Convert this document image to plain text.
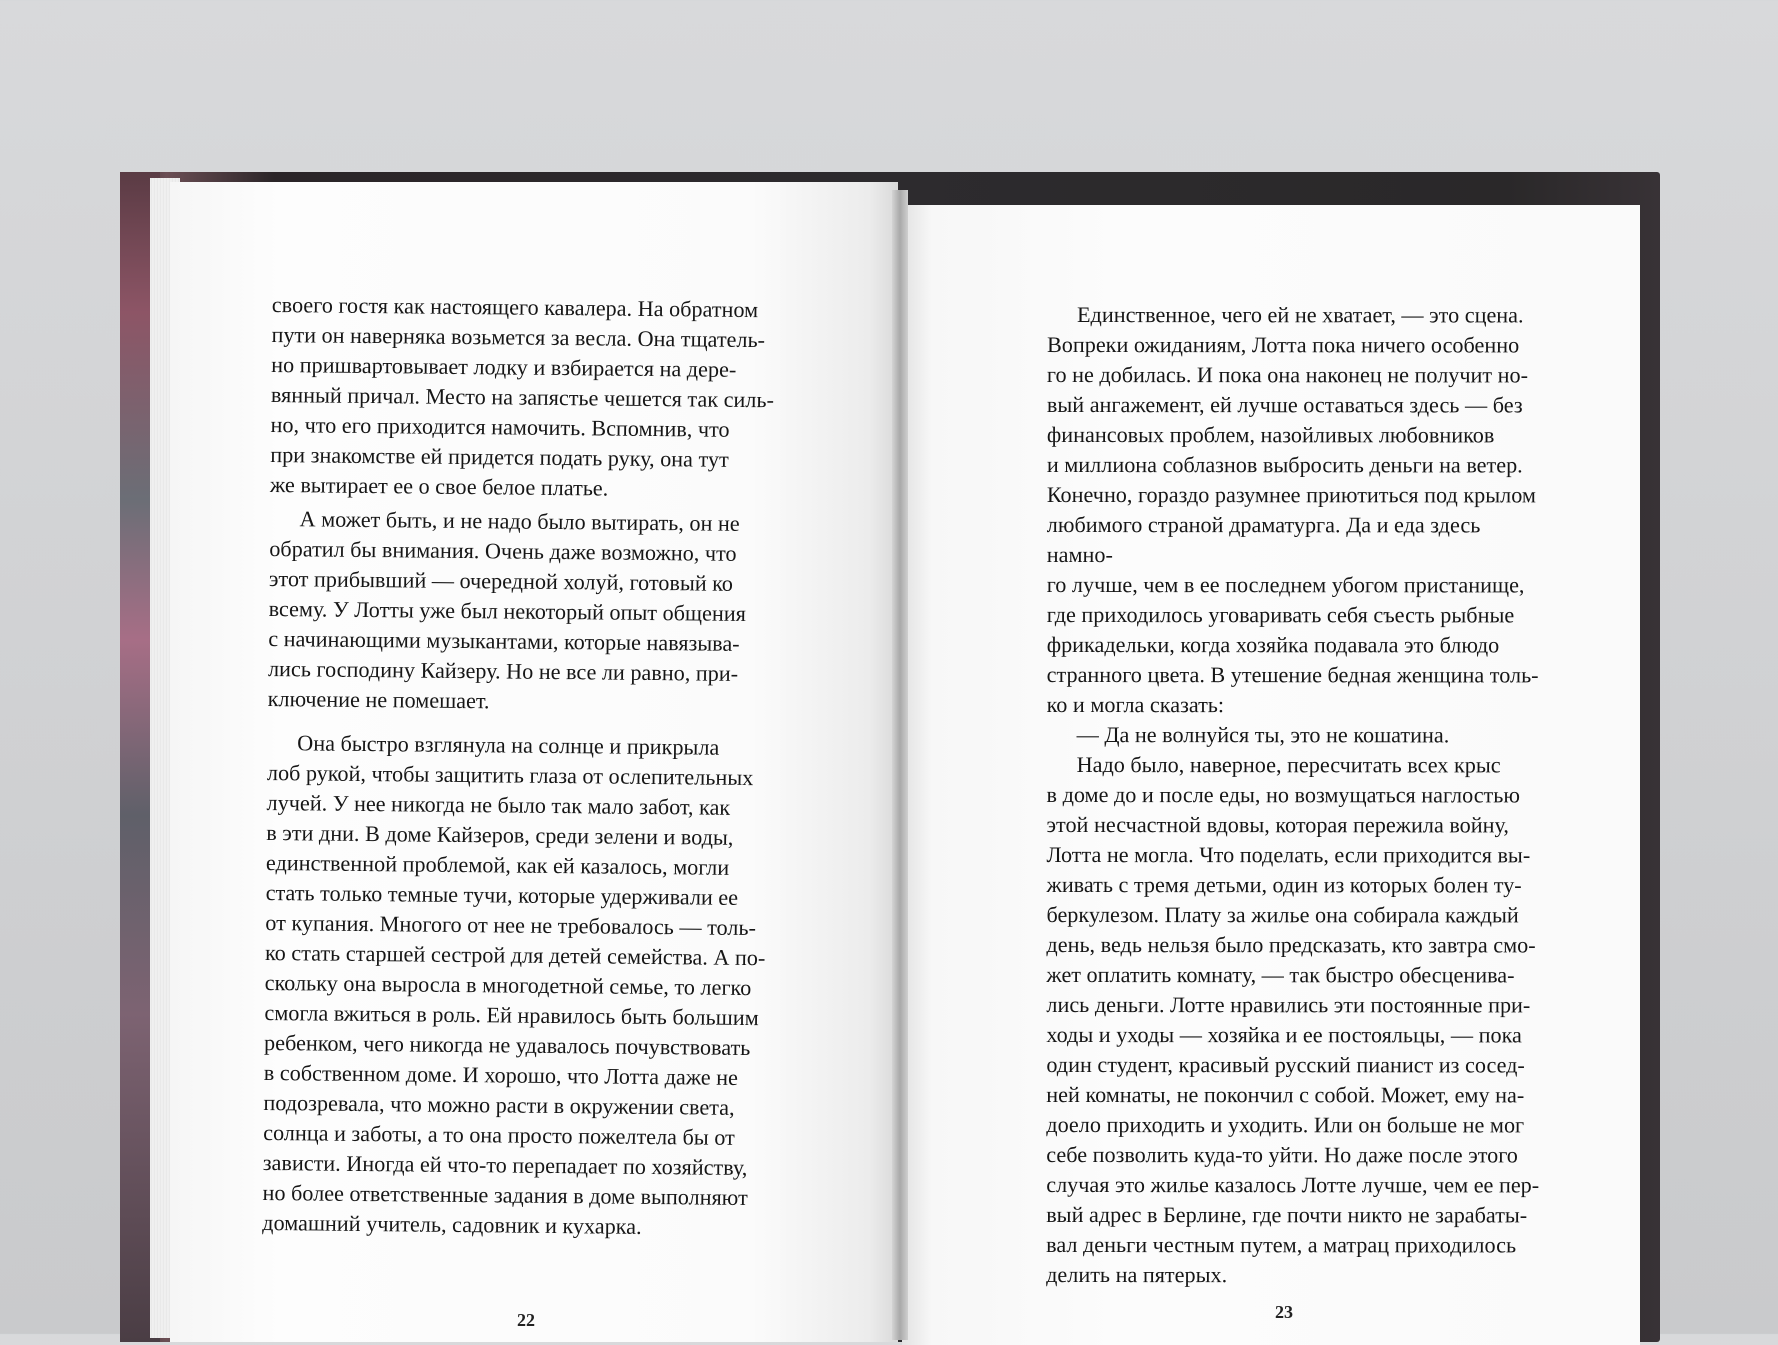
своего гостя как настоящего кавалера. На обратном
пути он наверняка возьмется за весла. Она тщатель-
но пришвартовывает лодку и взбирается на дере-
вянный причал. Место на запястье чешется так силь-
но, что его приходится намочить. Вспомнив, что
при знакомстве ей придется подать руку, она тут
же вытирает ее о свое белое платье.
А может быть, и не надо было вытирать, он не
обратил бы внимания. Очень даже возможно, что
этот прибывший — очередной холуй, готовый ко
всему. У Лотты уже был некоторый опыт общения
с начинающими музыкантами, которые навязыва-
лись господину Кайзеру. Но не все ли равно, при-
ключение не помешает.
Она быстро взглянула на солнце и прикрыла
лоб рукой, чтобы защитить глаза от ослепительных
лучей. У нее никогда не было так мало забот, как
в эти дни. В доме Кайзеров, среди зелени и воды,
единственной проблемой, как ей казалось, могли
стать только темные тучи, которые удерживали ее
от купания. Многого от нее не требовалось — толь-
ко стать старшей сестрой для детей семейства. А по-
скольку она выросла в многодетной семье, то легко
смогла вжиться в роль. Ей нравилось быть большим
ребенком, чего никогда не удавалось почувствовать
в собственном доме. И хорошо, что Лотта даже не
подозревала, что можно расти в окружении света,
солнца и заботы, а то она просто пожелтела бы от
зависти. Иногда ей что-то перепадает по хозяйству,
но более ответственные задания в доме выполняют
домашний учитель, садовник и кухарка.
Единственное, чего ей не хватает, — это сцена.
Вопреки ожиданиям, Лотта пока ничего особенно
го не добилась. И пока она наконец не получит но-
вый ангажемент, ей лучше оставаться здесь — без
финансовых проблем, назойливых любовников
и миллиона соблазнов выбросить деньги на ветер.
Конечно, гораздо разумнее приютиться под крылом
любимого страной драматурга. Да и еда здесь намно-
го лучше, чем в ее последнем убогом пристанище,
где приходилось уговаривать себя съесть рыбные
фрикадельки, когда хозяйка подавала это блюдо
странного цвета. В утешение бедная женщина толь-
ко и могла сказать:
— Да не волнуйся ты, это не кошатина.
Надо было, наверное, пересчитать всех крыс
в доме до и после еды, но возмущаться наглостью
этой несчастной вдовы, которая пережила войну,
Лотта не могла. Что поделать, если приходится вы-
живать с тремя детьми, один из которых болен ту-
беркулезом. Плату за жилье она собирала каждый
день, ведь нельзя было предсказать, кто завтра смо-
жет оплатить комнату, — так быстро обесценива-
лись деньги. Лотте нравились эти постоянные при-
ходы и уходы — хозяйка и ее постояльцы, — пока
один студент, красивый русский пианист из сосед-
ней комнаты, не покончил с собой. Может, ему на-
доело приходить и уходить. Или он больше не мог
себе позволить куда-то уйти. Но даже после этого
случая это жилье казалось Лотте лучше, чем ее пер-
вый адрес в Берлине, где почти никто не зарабаты-
вал деньги честным путем, а матрац приходилось
делить на пятерых.
22	23
